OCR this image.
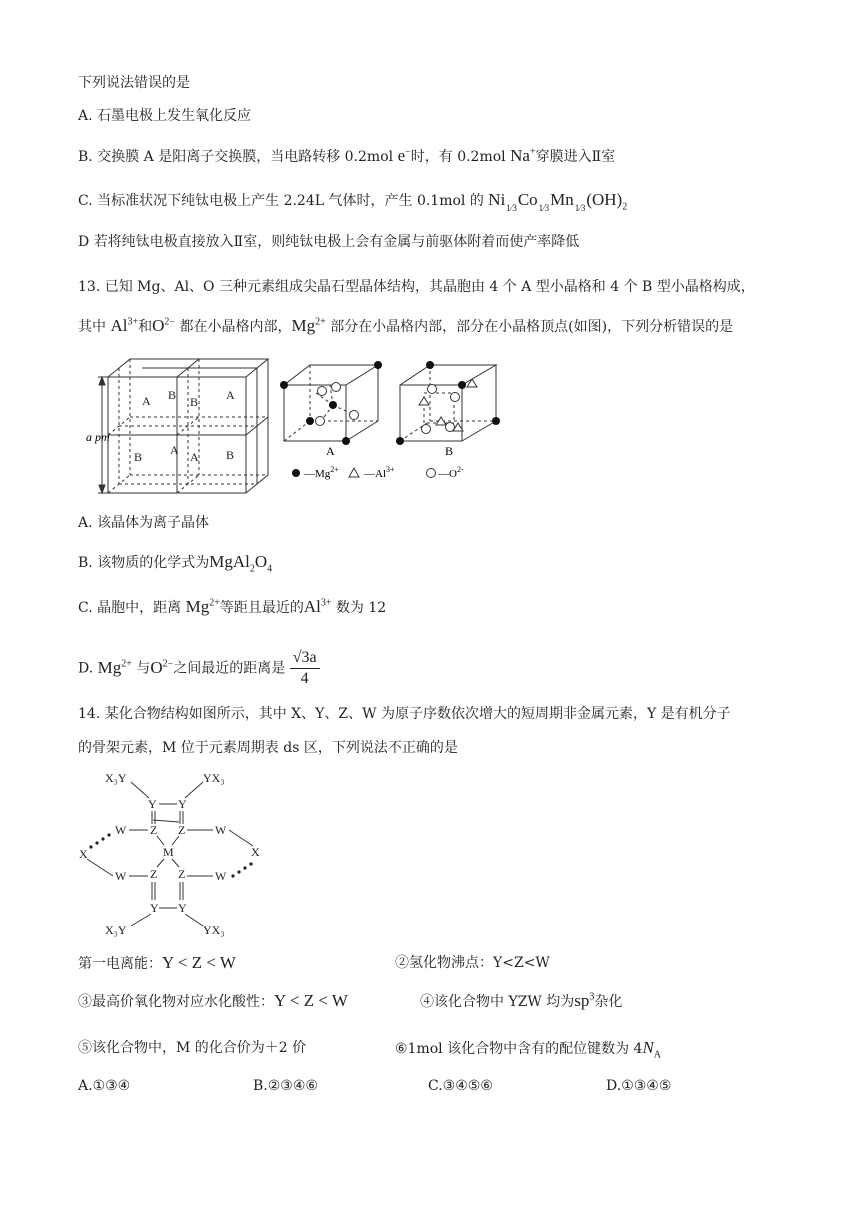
下列说法错误的是
A. 石墨电极上发生氧化反应
B. 交换膜 A 是阳离子交换膜，当电路转移 0.2mol e−时，有 0.2mol Na+穿膜进入Ⅱ室
C. 当标准状况下纯钛电极上产生 2.24L 气体时，产生 0.1mol 的 $Ni_{1⁄3}Co_{1⁄3}Mn_{1⁄3}(OH)_2$
D 若将纯钛电极直接放入Ⅱ室，则纯钛电极上会有金属与前驱体附着而使产率降低
13. 已知 Mg、Al、O 三种元素组成尖晶石型晶体结构，其晶胞由 4 个 A 型小晶格和 4 个 B 型小晶格构成，
其中 $Al^{3+}$和$O^{2-}$ 都在小晶格内部，$Mg^{2+}$ 部分在小晶格内部，部分在小晶格顶点(如图)，下列分析错误的是
A B B A
B A A B
a pm
A	B
$—Mg^{2+}$ $—Al^{3+}$	$—O^{2-}$
A. 该晶体为离子晶体
B. 该物质的化学式为$MgAl_2O_4$
C. 晶胞中，距离 $Mg^{2+}$等距且最近的$Al^{3+}$ 数为 12
D. $Mg^{2+}$ 与$O^{2-}$之间最近的距离是 $\frac{√3a}{4}$
14. 某化合物结构如图所示，其中 X、Y、Z、W 为原子序数依次增大的短周期非金属元素，Y 是有机分子
的骨架元素，M 位于元素周期表 ds 区，下列说法不正确的是
X₃Y	YX₃
Y Y
Z Z
W	W
X	X
M
W	W
Z Z
Y Y
X₃Y	YX₃
第一电离能：Y < Z < W	②氢化物沸点：Y<Z<W
③最高价氧化物对应水化酸性：Y < Z < W	④该化合物中 YZW 均为$sp^3$杂化
⑤该化合物中，M 的化合价为＋2 价	⑥1mol 该化合物中含有的配位键数为 $4N_A$
A.①③④	B.②③④⑥	C.③④⑤⑥	D.①③④⑤
